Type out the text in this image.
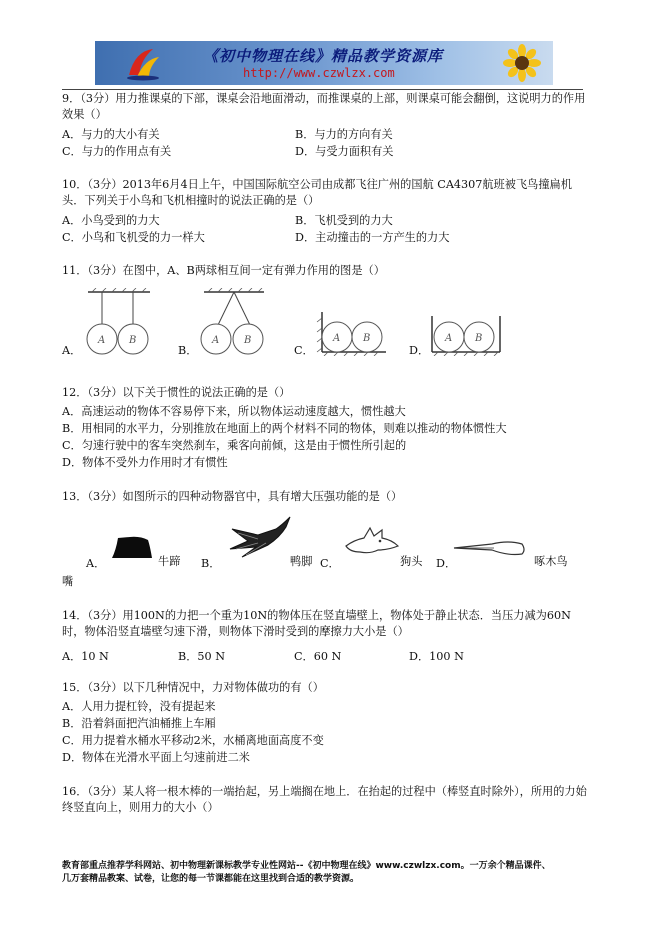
《初中物理在线》精品教学资源库
http://www.czwlzx.com

9．（3分）用力推课桌的下部，课桌会沿地面滑动，而推课桌的上部，则课桌可能会翻倒，这说明力的作用效果（）

A．与力的大小有关	B．与力的方向有关
C．与力的作用点有关	D．与受力面积有关

10．（3分）2013年6月4日上午，中国国际航空公司由成都飞往广州的国航 CA4307航班被飞鸟撞扁机头．下列关于小鸟和飞机相撞时的说法正确的是（）

A．小鸟受到的力大	B．飞机受到的力大
C．小鸟和飞机受的力一样大	D．主动撞击的一方产生的力大

11．（3分）在图中，A、B两球相互间一定有弹力作用的图是（）

A．	B．	C．	D．
A B	A B	A B	A B

12．（3分）以下关于惯性的说法正确的是（）

A．高速运动的物体不容易停下来，所以物体运动速度越大，惯性越大
B．用相同的水平力，分别推放在地面上的两个材料不同的物体，则难以推动的物体惯性大
C．匀速行驶中的客车突然刹车，乘客向前倾，这是由于惯性所引起的
D．物体不受外力作用时才有惯性

13．（3分）如图所示的四种动物器官中，具有增大压强功能的是（）

A．	牛蹄 B．	鸭脚 C．	狗头 D．	啄木鸟
嘴

14．（3分）用100N的力把一个重为10N的物体压在竖直墙壁上，物体处于静止状态．当压力减为60N时，物体沿竖直墙壁匀速下滑，则物体下滑时受到的摩擦力大小是（）

A．10 N	B．50 N	C．60 N	D．100 N

15．（3分）以下几种情况中，力对物体做功的有（）

A．人用力提杠铃，没有提起来
B．沿着斜面把汽油桶推上车厢
C．用力提着水桶水平移动2米，水桶离地面高度不变
D．物体在光滑水平面上匀速前进二米

16．（3分）某人将一根木棒的一端抬起，另上端搁在地上．在抬起的过程中（棒竖直时除外），所用的力始终竖直向上，则用力的大小（）

教育部重点推荐学科网站、初中物理新课标教学专业性网站--《初中物理在线》www.czwlzx.com。一万余个精品课件、
几万套精品教案、试卷，让您的每一节课都能在这里找到合适的教学资源。
